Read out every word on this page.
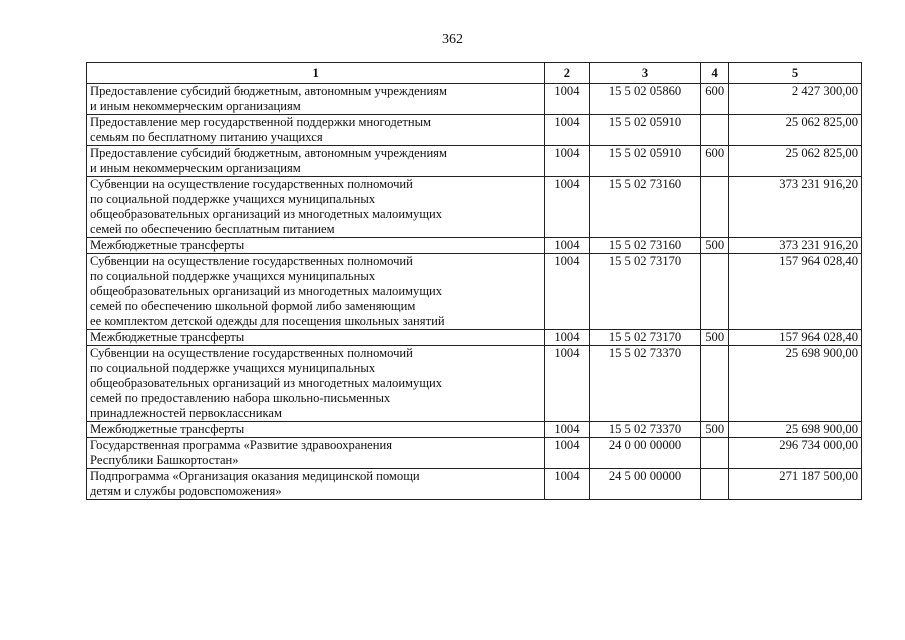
362
1	2	3	4	5

Предоставление субсидий бюджетным, автономным учреждениям
и иным некоммерческим организациям	1004	15 5 02 05860	600	2 427 300,00

Предоставление мер государственной поддержки многодетным
семьям по бесплатному питанию учащихся	1004	15 5 02 05910		25 062 825,00

Предоставление субсидий бюджетным, автономным учреждениям
и иным некоммерческим организациям	1004	15 5 02 05910	600	25 062 825,00

Субвенции на осуществление государственных полномочий
по социальной поддержке учащихся муниципальных
общеобразовательных организаций из многодетных малоимущих
семей по обеспечению бесплатным питанием	1004	15 5 02 73160		373 231 916,20

Межбюджетные трансферты	1004	15 5 02 73160	500	373 231 916,20

Субвенции на осуществление государственных полномочий
по социальной поддержке учащихся муниципальных
общеобразовательных организаций из многодетных малоимущих
семей по обеспечению школьной формой либо заменяющим
ее комплектом детской одежды для посещения школьных занятий	1004	15 5 02 73170		157 964 028,40

Межбюджетные трансферты	1004	15 5 02 73170	500	157 964 028,40

Субвенции на осуществление государственных полномочий
по социальной поддержке учащихся муниципальных
общеобразовательных организаций из многодетных малоимущих
семей по предоставлению набора школьно-письменных
принадлежностей первоклассникам	1004	15 5 02 73370		25 698 900,00

Межбюджетные трансферты	1004	15 5 02 73370	500	25 698 900,00

Государственная программа «Развитие здравоохранения
Республики Башкортостан»	1004	24 0 00 00000		296 734 000,00

Подпрограмма «Организация оказания медицинской помощи
детям и службы родовспоможения»	1004	24 5 00 00000		271 187 500,00
